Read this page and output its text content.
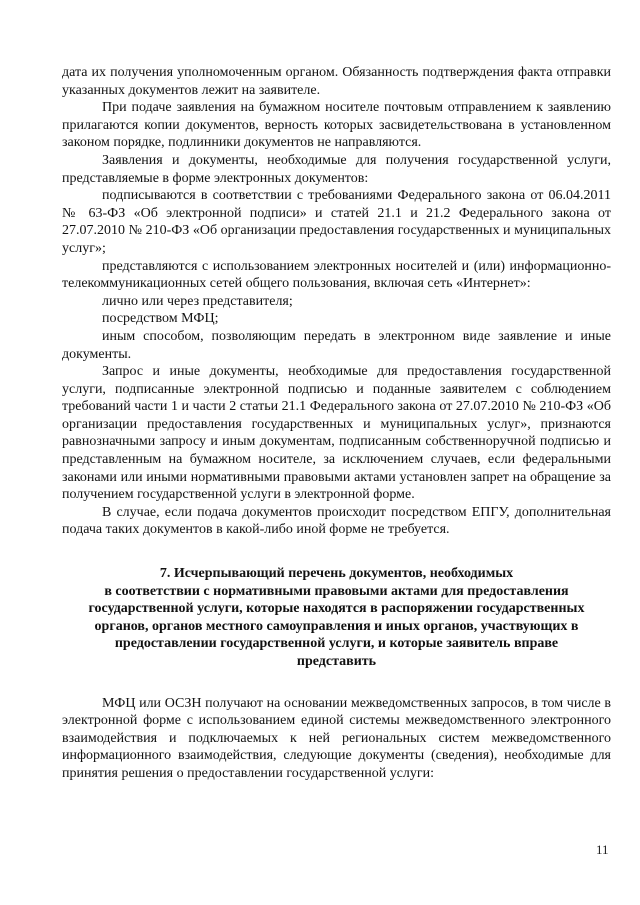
дата их получения уполномоченным органом. Обязанность подтверждения факта отправки указанных документов лежит на заявителе.

При подаче заявления на бумажном носителе почтовым отправлением к заявлению прилагаются копии документов, верность которых засвидетельствована в установленном законом порядке, подлинники документов не направляются.

Заявления и документы, необходимые для получения государственной услуги, представляемые в форме электронных документов:

подписываются в соответствии с требованиями Федерального закона от 06.04.2011 № 63-ФЗ «Об электронной подписи» и статей 21.1 и 21.2 Федерального закона от 27.07.2010 № 210-ФЗ «Об организации предоставления государственных и муниципальных услуг»;

представляются с использованием электронных носителей и (или) информационно-телекоммуникационных сетей общего пользования, включая сеть «Интернет»:

лично или через представителя;

посредством МФЦ;

иным способом, позволяющим передать в электронном виде заявление и иные документы.

Запрос и иные документы, необходимые для предоставления государственной услуги, подписанные электронной подписью и поданные заявителем с соблюдением требований части 1 и части 2 статьи 21.1 Федерального закона от 27.07.2010 № 210-ФЗ «Об организации предоставления государственных и муниципальных услуг», признаются равнозначными запросу и иным документам, подписанным собственноручной подписью и представленным на бумажном носителе, за исключением случаев, если федеральными законами или иными нормативными правовыми актами установлен запрет на обращение за получением государственной услуги в электронной форме.

В случае, если подача документов происходит посредством ЕПГУ, дополнительная подача таких документов в какой-либо иной форме не требуется.

7. Исчерпывающий перечень документов, необходимых

в соответствии с нормативными правовыми актами для предоставления

государственной услуги, которые находятся в распоряжении государственных

органов, органов местного самоуправления и иных органов, участвующих в

предоставлении государственной услуги, и которые заявитель вправе

представить

МФЦ или ОСЗН получают на основании межведомственных запросов, в том числе в электронной форме с использованием единой системы межведомственного электронного взаимодействия и подключаемых к ней региональных систем межведомственного информационного взаимодействия, следующие документы (сведения), необходимые для принятия решения о предоставлении государственной услуги:

11
